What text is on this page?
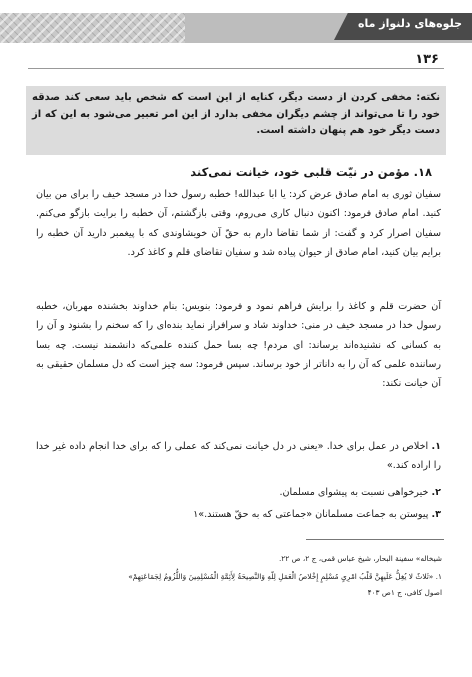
جلوه‌های دلنواز ماه
۱۳۶
نکته: مخفی کردن از دست دیگر، کنایه از این است که شخص باید سعی کند صدقه خود را تا می‌تواند از چشم دیگران مخفی بدارد از این امر تعبیر می‌شود به این که از دست دیگر خود هم پنهان داشته است.
۱۸. مؤمن در نیّت قلبی خود، خیانت نمی‌کند
سفیان ثوری به امام صادق عرض کرد: یا ابا عبدالله! خطبه رسول خدا در مسجد خیف را برای من بیان کنید. امام صادق فرمود: اکنون دنبال کاری می‌روم، وقتی بازگشتم، آن خطبه را برایت بازگو می‌کنم. سفیان اصرار کرد و گفت: از شما تقاضا دارم به حقّ آن خویشاوندی که با پیغمبر دارید آن خطبه را برایم بیان کنید، امام صادق از حیوان پیاده شد و سفیان تقاضای قلم و کاغذ کرد.
آن حضرت قلم و کاغذ را برایش فراهم نمود و فرمود: بنویس: بنام خداوند بخشنده مهربان، خطبه رسول خدا در مسجد خیف در منی: خداوند شاد و سرافراز نماید بنده‌ای را که سخنم را بشنود و آن را به کسانی که نشنیده‌اند برساند: ای مردم! چه بسا حمل کننده علمی‌که دانشمند نیست. چه بسا رساننده علمی که آن را به داناتر از خود برساند. سپس فرمود: سه چیز است که دل مسلمان حقیقی به آن خیانت نکند:
۱. اخلاص در عمل برای خدا. «یعنی در دل خیانت نمی‌کند که عملی را که برای خدا انجام داده غیر خدا را اراده کند.»
۲. خیرخواهی نسبت به پیشوای مسلمان.
۳. پیوستن به جماعت مسلمانان «جماعتی که به حقّ هستند.»۱
شیخاله» سفینة البحار، شیخ عباس قمی، ج ۲، ص ۲۲.
۱. «ثَلاثٌ لا یُغِلُّ عَلَیهِنَّ قَلْبُ امْرِیٍ مُسْلِمٍ إِخْلاصُ الْعَمَلِ لِلّهِ وَالنَّصِیحَةُ لِأَئِمَّةِ الْمُسْلِمِینَ وَاللُّزُومُ لِجَمَاعَتِهِمْ»
اصول کافی، ج ۱ص ۴۰۳
